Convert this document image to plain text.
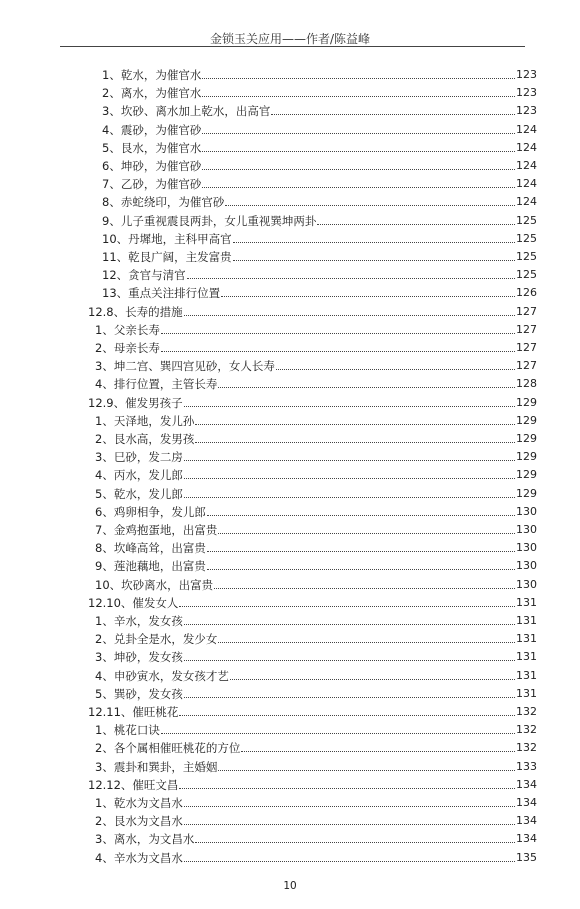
金锁玉关应用——作者/陈益峰
1、乾水，为催官水	123
2、离水，为催官水	123
3、坎砂、离水加上乾水，出高官	123
4、震砂，为催官砂	124
5、艮水，为催官水	124
6、坤砂，为催官砂	124
7、乙砂，为催官砂	124
8、赤蛇绕印，为催官砂	124
9、儿子重视震艮两卦，女儿重视巽坤两卦	125
10、丹墀地，主科甲高官	125
11、乾艮广阔，主发富贵	125
12、贪官与清官	125
13、重点关注排行位置	126
12.8、长寿的措施	127
1、父亲长寿	127
2、母亲长寿	127
3、坤二宫、巽四宫见砂，女人长寿	127
4、排行位置，主管长寿	128
12.9、催发男孩子	129
1、天泽地，发儿孙	129
2、艮水高，发男孩	129
3、巳砂，发二房	129
4、丙水，发儿郎	129
5、乾水，发儿郎	129
6、鸡卵相争，发儿郎	130
7、金鸡抱蛋地，出富贵	130
8、坎峰高耸，出富贵	130
9、莲池藕地，出富贵	130
10、坎砂离水，出富贵	130
12.10、催发女人	131
1、辛水，发女孩	131
2、兑卦全是水，发少女	131
3、坤砂，发女孩	131
4、申砂寅水，发女孩才艺	131
5、巽砂，发女孩	131
12.11、催旺桃花	132
1、桃花口诀	132
2、各个属相催旺桃花的方位	132
3、震卦和巽卦，主婚姻	133
12.12、催旺文昌	134
1、乾水为文昌水	134
2、艮水为文昌水	134
3、离水，为文昌水	134
4、辛水为文昌水	135
10
